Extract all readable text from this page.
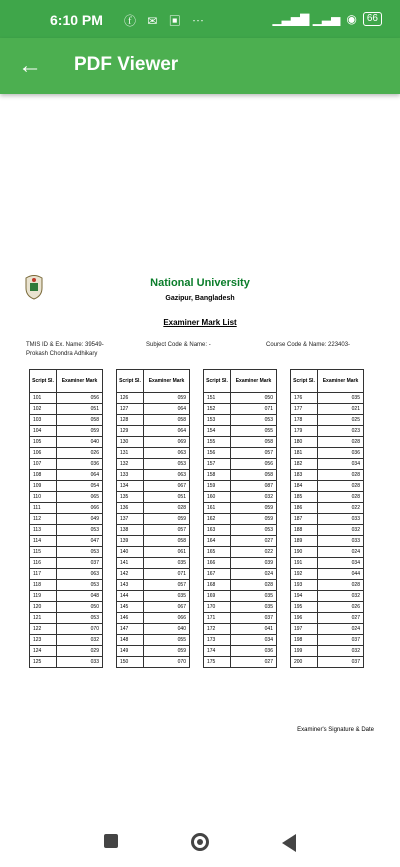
6:10 PM ⓕ ✉ ▣ ⋯	▁▃▅▇ ▁▃▅ ◉	66
← PDF Viewer
National University
Gazipur, Bangladesh
Examiner Mark List
TMIS ID & Ex. Name: 39549-
Prokash Chondra Adhikary
Subject Code & Name: -	Course Code & Name: 223403-
Script Sl.	Examiner Mark
101	056
102	051
103	058
104	059
105	040
106	026
107	036
108	064
109	054
110	065
111	066
112	049
113	053
114	047
115	053
116	037
117	063
118	053
119	048
120	050
121	053
122	070
123	032
124	029
125	033
Script Sl.	Examiner Mark
126	059
127	064
128	058
129	064
130	069
131	063
132	053
133	063
134	067
135	051
136	028
137	059
138	057
139	058
140	061
141	035
142	071
143	057
144	035
145	067
146	066
147	040
148	055
149	059
150	070
Script Sl.	Examiner Mark
151	050
152	071
153	053
154	055
155	058
156	057
157	056
158	058
159	087
160	032
161	059
162	059
163	053
164	027
165	022
166	039
167	024
168	028
169	035
170	035
171	037
172	041
173	034
174	036
175	027
Script Sl.	Examiner Mark
176	035
177	021
178	025
179	023
180	028
181	036
182	034
183	028
184	028
185	028
186	022
187	033
188	032
189	033
190	024
191	034
192	044
193	028
194	032
195	026
196	027
197	024
198	037
199	032
200	037
Examiner's Signature & Date
